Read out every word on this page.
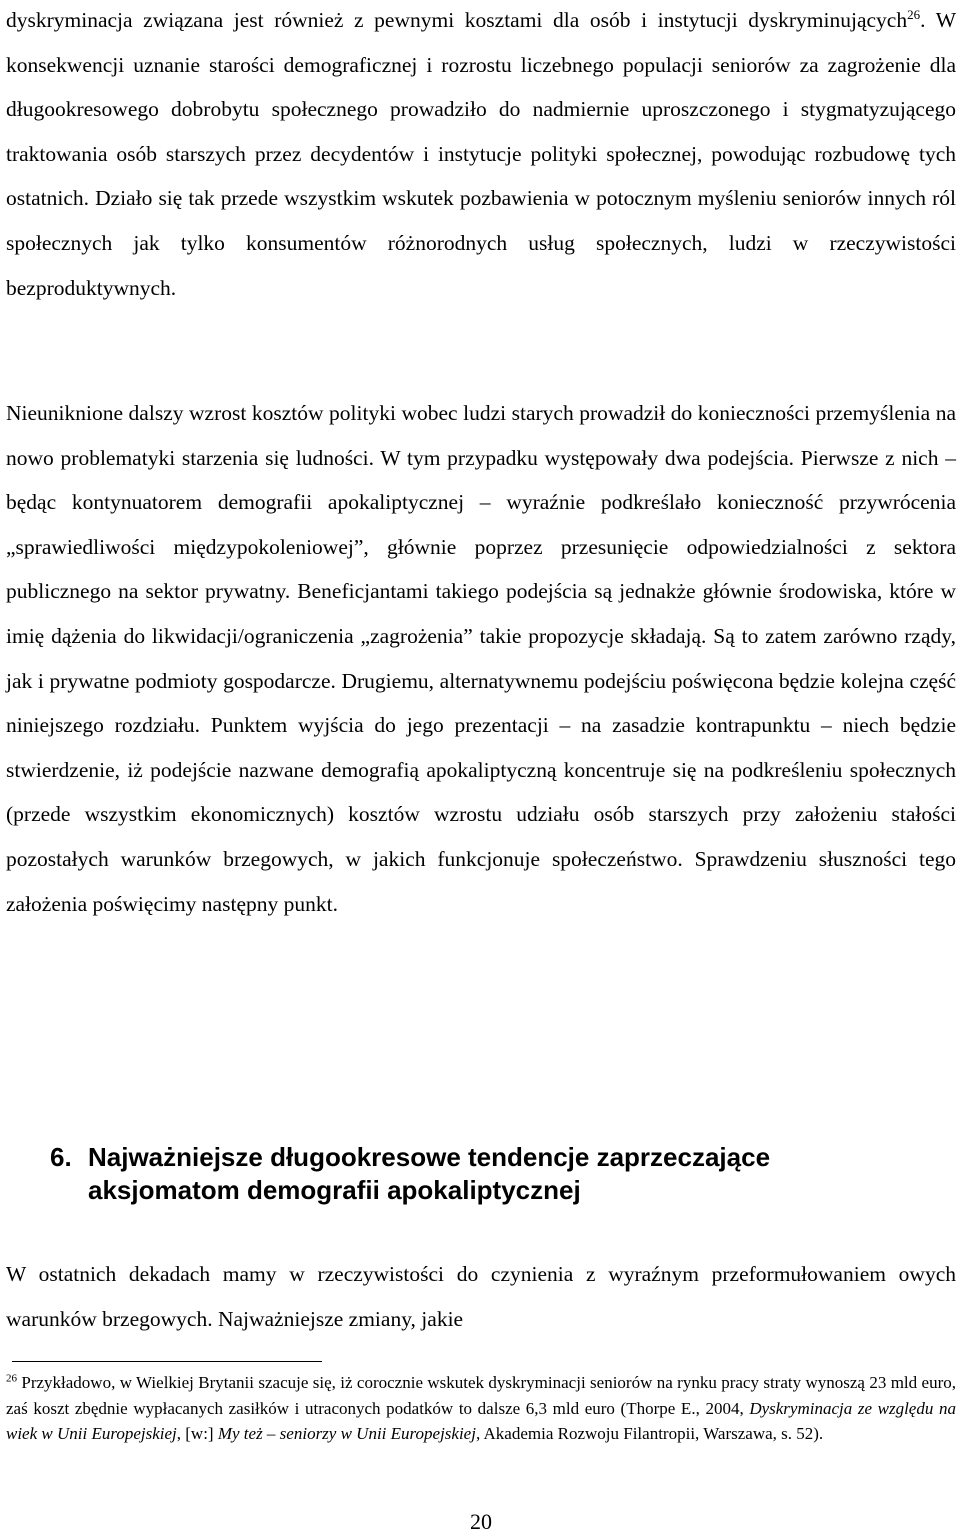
dyskryminacja związana jest również z pewnymi kosztami dla osób i instytucji dyskryminujących$^{26}$. W konsekwencji uznanie starości demograficznej i rozrostu liczebnego populacji seniorów za zagrożenie dla długookresowego dobrobytu społecznego prowadziło do nadmiernie uproszczonego i stygmatyzującego traktowania osób starszych przez decydentów i instytucje polityki społecznej, powodując rozbudowę tych ostatnich. Działo się tak przede wszystkim wskutek pozbawienia w potocznym myśleniu seniorów innych ról społecznych jak tylko konsumentów różnorodnych usług społecznych, ludzi w rzeczywistości bezproduktywnych.

Nieuniknione dalszy wzrost kosztów polityki wobec ludzi starych prowadził do konieczności przemyślenia na nowo problematyki starzenia się ludności. W tym przypadku występowały dwa podejścia. Pierwsze z nich – będąc kontynuatorem demografii apokaliptycznej – wyraźnie podkreślało konieczność przywrócenia „sprawiedliwości międzypokoleniowej”, głównie poprzez przesunięcie odpowiedzialności z sektora publicznego na sektor prywatny. Beneficjantami takiego podejścia są jednakże głównie środowiska, które w imię dążenia do likwidacji/ograniczenia „zagrożenia” takie propozycje składają. Są to zatem zarówno rządy, jak i prywatne podmioty gospodarcze. Drugiemu, alternatywnemu podejściu poświęcona będzie kolejna część niniejszego rozdziału. Punktem wyjścia do jego prezentacji – na zasadzie kontrapunktu – niech będzie stwierdzenie, iż podejście nazwane demografią apokaliptyczną koncentruje się na podkreśleniu społecznych (przede wszystkim ekonomicznych) kosztów wzrostu udziału osób starszych przy założeniu stałości pozostałych warunków brzegowych, w jakich funkcjonuje społeczeństwo. Sprawdzeniu słuszności tego założenia poświęcimy następny punkt.

6. Najważniejsze długookresowe tendencje zaprzeczające
aksjomatom demografii apokaliptycznej

W ostatnich dekadach mamy w rzeczywistości do czynienia z wyraźnym przeformułowaniem owych warunków brzegowych. Najważniejsze zmiany, jakie

$^{26}$ Przykładowo, w Wielkiej Brytanii szacuje się, iż corocznie wskutek dyskryminacji seniorów na rynku pracy straty wynoszą 23 mld euro, zaś koszt zbędnie wypłacanych zasiłków i utraconych podatków to dalsze 6,3 mld euro (Thorpe E., 2004, Dyskryminacja ze względu na wiek w Unii Europejskiej, [w:] My też – seniorzy w Unii Europejskiej, Akademia Rozwoju Filantropii, Warszawa, s. 52).

20
